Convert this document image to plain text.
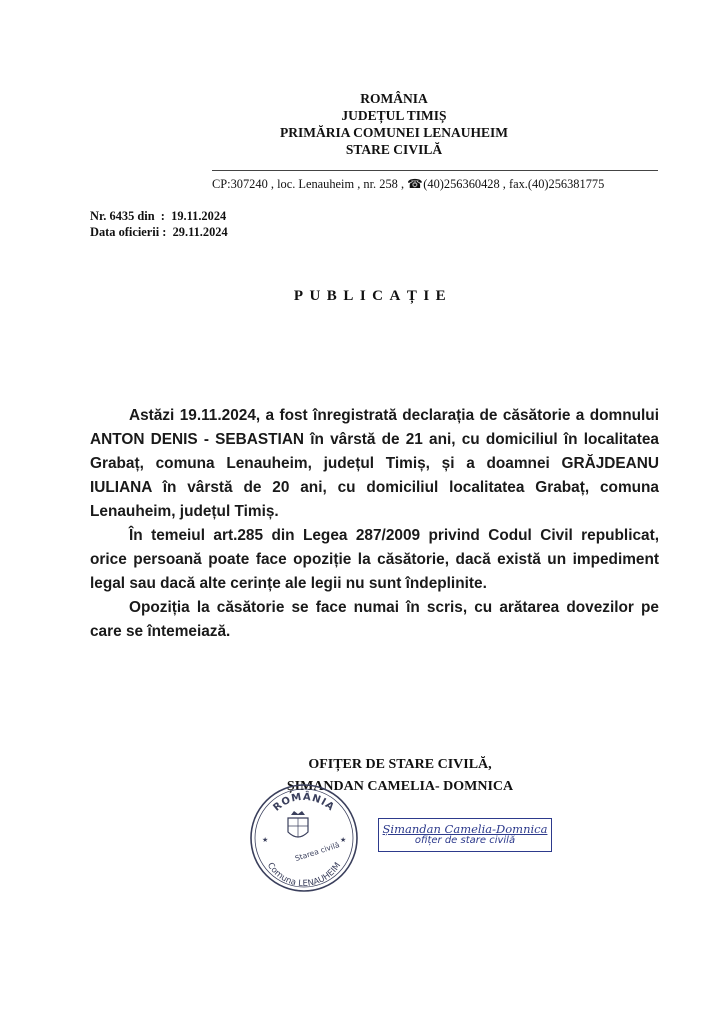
ROMÂNIA
JUDEȚUL TIMIȘ
PRIMĂRIA COMUNEI LENAUHEIM
STARE CIVILĂ
CP:307240 , loc. Lenauheim , nr. 258 , ☎ (40)256360428 , fax.(40)256381775
Nr. 6435 din  :  19.11.2024
Data oficierii :  29.11.2024
PUBLICAȚIE

Astăzi 19.11.2024, a fost înregistrată declarația de căsătorie a domnului ANTON DENIS - SEBASTIAN în vârstă de 21 ani, cu domiciliul în localitatea Grabaț, comuna Lenauheim, județul Timiș, și a doamnei GRĂJDEANU IULIANA în vârstă de 20 ani, cu domiciliul localitatea Grabaț, comuna Lenauheim, județul Timiș.

În temeiul art.285 din Legea 287/2009 privind Codul Civil republicat, orice persoană poate face opoziție la căsătorie, dacă există un impediment legal sau dacă alte cerințe ale legii nu sunt îndeplinite.

Opoziția la căsătorie se face numai în scris, cu arătarea dovezilor pe care se întemeiază.

OFIȚER DE STARE CIVILĂ,
ȘIMANDAN CAMELIA- DOMNICA
ROMÂNIA
Comuna LENAUHEIM
Starea civilă
★	★
Șimandan Camelia-Domnica
ofițer de stare civilă
